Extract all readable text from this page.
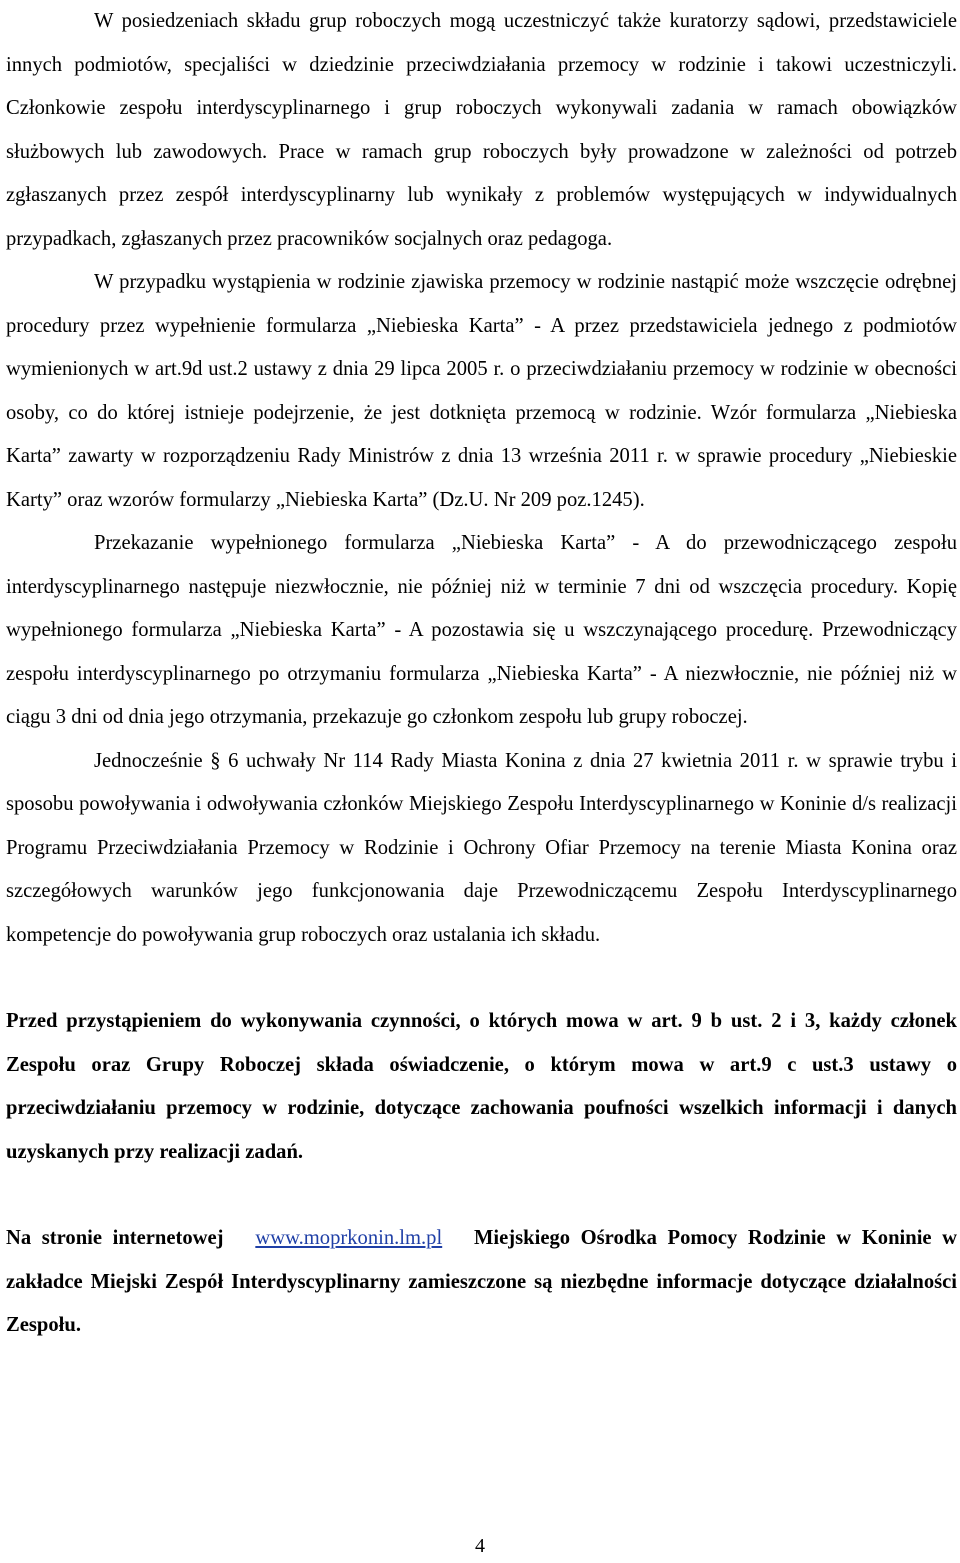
W posiedzeniach składu grup roboczych mogą uczestniczyć także kuratorzy sądowi, przedstawiciele innych podmiotów, specjaliści w dziedzinie przeciwdziałania przemocy w rodzinie i takowi uczestniczyli. Członkowie zespołu interdyscyplinarnego i grup roboczych wykonywali zadania w ramach obowiązków służbowych lub zawodowych. Prace w ramach grup roboczych były prowadzone w zależności od potrzeb zgłaszanych przez zespół interdyscyplinarny lub wynikały z problemów występujących w indywidualnych przypadkach, zgłaszanych przez pracowników socjalnych oraz pedagoga.

W przypadku wystąpienia w rodzinie zjawiska przemocy w rodzinie nastąpić może wszczęcie odrębnej procedury przez wypełnienie formularza „Niebieska Karta” - A przez przedstawiciela jednego z podmiotów wymienionych w art.9d ust.2 ustawy z dnia 29 lipca 2005 r. o przeciwdziałaniu przemocy w rodzinie w obecności osoby, co do której istnieje podejrzenie, że jest dotknięta przemocą w rodzinie. Wzór formularza „Niebieska Karta” zawarty w rozporządzeniu Rady Ministrów z dnia 13 września 2011 r. w sprawie procedury „Niebieskie Karty” oraz wzorów formularzy „Niebieska Karta” (Dz.U. Nr 209 poz.1245).

Przekazanie wypełnionego formularza „Niebieska Karta” - A do przewodniczącego zespołu interdyscyplinarnego następuje niezwłocznie, nie później niż w terminie 7 dni od wszczęcia procedury. Kopię wypełnionego formularza „Niebieska Karta” - A pozostawia się u wszczynającego procedurę. Przewodniczący zespołu interdyscyplinarnego po otrzymaniu formularza „Niebieska Karta” - A niezwłocznie, nie później niż w ciągu 3 dni od dnia jego otrzymania, przekazuje go członkom zespołu lub grupy roboczej.

Jednocześnie § 6 uchwały Nr 114 Rady Miasta Konina z dnia 27 kwietnia 2011 r. w sprawie trybu i sposobu powoływania i odwoływania członków Miejskiego Zespołu Interdyscyplinarnego w Koninie d/s realizacji Programu Przeciwdziałania Przemocy w Rodzinie i Ochrony Ofiar Przemocy na terenie Miasta Konina oraz szczegółowych warunków jego funkcjonowania daje Przewodniczącemu Zespołu Interdyscyplinarnego kompetencje do powoływania grup roboczych oraz ustalania ich składu.

Przed przystąpieniem do wykonywania czynności, o których mowa w art. 9 b ust. 2 i 3, każdy członek Zespołu oraz Grupy Roboczej składa oświadczenie, o którym mowa w art.9 c ust.3 ustawy o przeciwdziałaniu przemocy w rodzinie, dotyczące zachowania poufności wszelkich informacji i danych uzyskanych przy realizacji zadań.

Na stronie internetowej www.moprkonin.lm.pl Miejskiego Ośrodka Pomocy Rodzinie w Koninie w zakładce Miejski Zespół Interdyscyplinarny zamieszczone są niezbędne informacje dotyczące działalności Zespołu.

4
